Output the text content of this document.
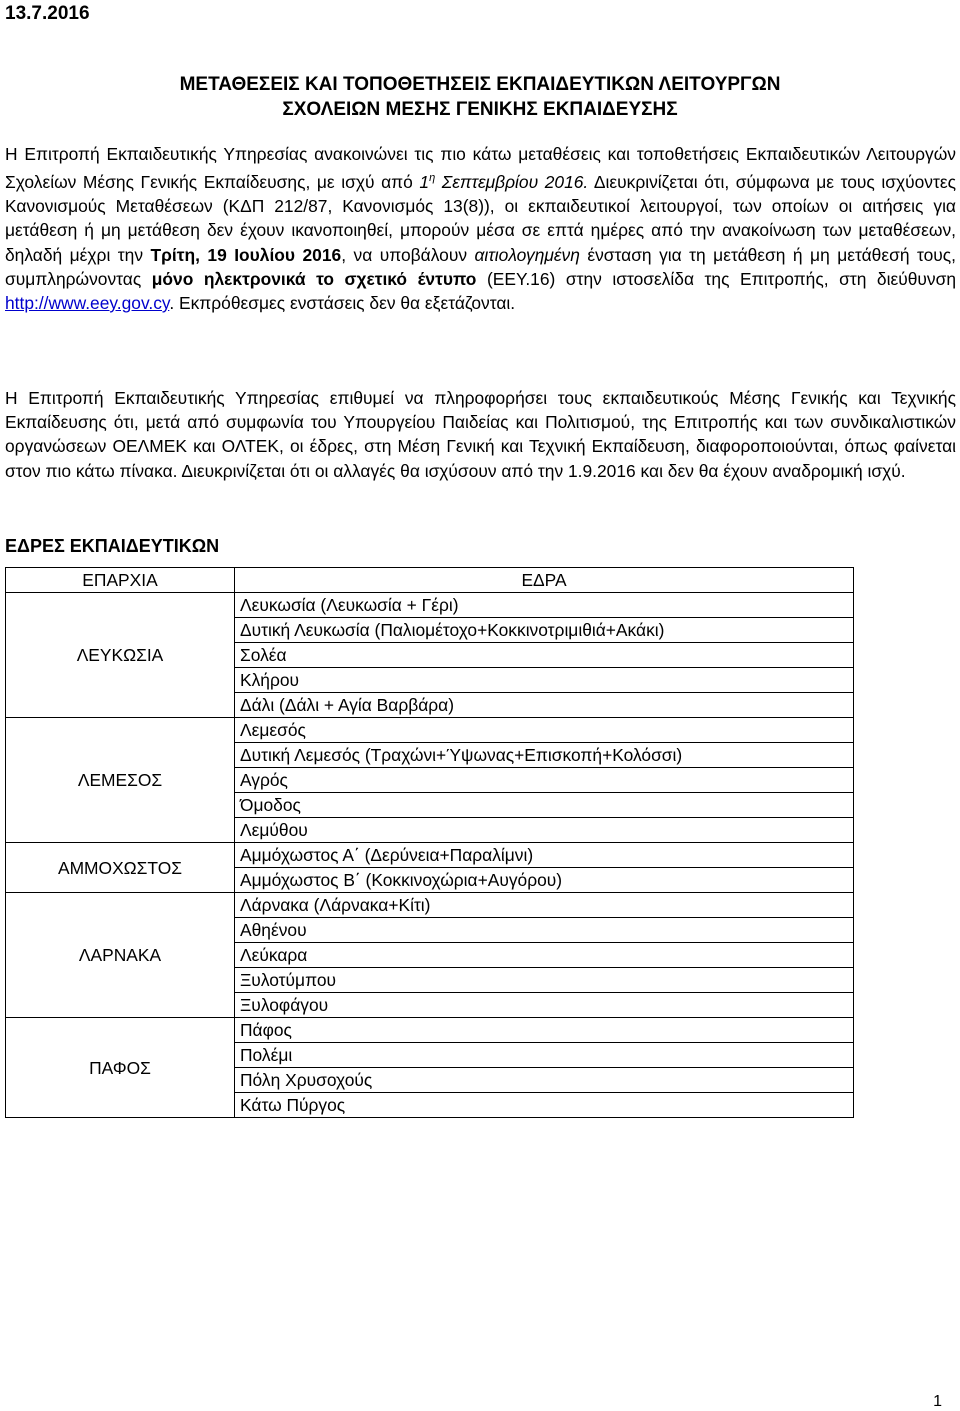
13.7.2016
ΜΕΤΑΘΕΣΕΙΣ ΚΑΙ ΤΟΠΟΘΕΤΗΣΕΙΣ ΕΚΠΑΙΔΕΥΤΙΚΩΝ ΛΕΙΤΟΥΡΓΩΝ
ΣΧΟΛΕΙΩΝ ΜΕΣΗΣ ΓΕΝΙΚΗΣ ΕΚΠΑΙΔΕΥΣΗΣ
Η Επιτροπή Εκπαιδευτικής Υπηρεσίας ανακοινώνει τις πιο κάτω μεταθέσεις και τοποθετήσεις Εκπαιδευτικών Λειτουργών Σχολείων Μέσης Γενικής Εκπαίδευσης, με ισχύ από $1^\eta$ Σεπτεμβρίου 2016. Διευκρινίζεται ότι, σύμφωνα με τους ισχύοντες Κανονισμούς Μεταθέσεων (ΚΔΠ 212/87, Κανονισμός 13(8)), οι εκπαιδευτικοί λειτουργοί, των οποίων οι αιτήσεις για μετάθεση ή μη μετάθεση δεν έχουν ικανοποιηθεί, μπορούν μέσα σε επτά ημέρες από την ανακοίνωση των μεταθέσεων, δηλαδή μέχρι την Τρίτη, 19 Ιουλίου 2016, να υποβάλουν αιτιολογημένη ένσταση για τη μετάθεση ή μη μετάθεσή τους, συμπληρώνοντας μόνο ηλεκτρονικά το σχετικό έντυπο (ΕΕΥ.16) στην ιστοσελίδα της Επιτροπής, στη διεύθυνση http://www.eey.gov.cy. Εκπρόθεσμες ενστάσεις δεν θα εξετάζονται.
Η Επιτροπή Εκπαιδευτικής Υπηρεσίας επιθυμεί να πληροφορήσει τους εκπαιδευτικούς Μέσης Γενικής και Τεχνικής Εκπαίδευσης ότι, μετά από συμφωνία του Υπουργείου Παιδείας και Πολιτισμού, της Επιτροπής και των συνδικαλιστικών οργανώσεων ΟΕΛΜΕΚ και ΟΛΤΕΚ, οι έδρες, στη Μέση Γενική και Τεχνική Εκπαίδευση, διαφοροποιούνται, όπως φαίνεται στον πιο κάτω πίνακα. Διευκρινίζεται ότι οι αλλαγές θα ισχύσουν από την 1.9.2016 και δεν θα έχουν αναδρομική ισχύ.
ΕΔΡΕΣ ΕΚΠΑΙΔΕΥΤΙΚΩΝ
ΕΠΑΡΧΙΑ	ΕΔΡΑ
ΛΕΥΚΩΣΙΑ	Λευκωσία (Λευκωσία + Γέρι)
	Δυτική Λευκωσία (Παλιομέτοχο+Κοκκινοτριμιθιά+Ακάκι)
	Σολέα
	Κλήρου
	Δάλι (Δάλι + Αγία Βαρβάρα)
ΛΕΜΕΣΟΣ	Λεμεσός
	Δυτική Λεμεσός (Τραχώνι+Ύψωνας+Επισκοπή+Κολόσσι)
	Αγρός
	Όμοδος
	Λεμύθου
ΑΜΜΟΧΩΣΤΟΣ	Αμμόχωστος Α΄ (Δερύνεια+Παραλίμνι)
	Αμμόχωστος Β΄ (Κοκκινοχώρια+Αυγόρου)
ΛΑΡΝΑΚΑ	Λάρνακα (Λάρνακα+Κίτι)
	Αθηένου
	Λεύκαρα
	Ξυλοτύμπου
	Ξυλοφάγου
ΠΑΦΟΣ	Πάφος
	Πολέμι
	Πόλη Χρυσοχούς
	Κάτω Πύργος
1
